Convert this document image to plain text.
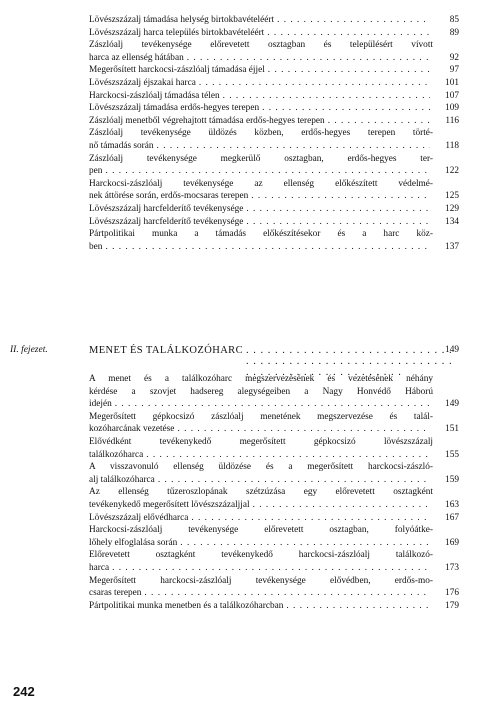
Lövészszázalj támadása helység birtokbavételéért . . .	85
Lövészszázalj harca település birtokbavételéért . . .	89
Zászlóalj tevékenysége előrevetett osztagban és településért vívott
harca az ellenség hátában . . .	92
Megerősített harckocsi-zászlóalj támadása éjjel . . .	97
Lövészszázalj éjszakai harca . . .	101
Harckocsi-zászlóalj támadása télen . . .	107
Lövészszázalj támadása erdős-hegyes terepen . . .	109
Zászlóalj menetből végrehajtott támadása erdős-hegyes terepen . . .	116
Zászlóalj tevékenysége üldözés közben, erdős-hegyes terepen törté-
nő támadás során . . .	118
Zászlóalj tevékenysége megkerülő osztagban, erdős-hegyes ter-
pen . . .	122
Harckocsi-zászlóalj tevékenysége az ellenség előkészített védelmé-
nek áttörése során, erdős-mocsaras terepen . . .	125
Lövészszázalj harcfelderítő tevékenysége . . .	129
Lövészszázalj harcfelderítő tevékenysége . . .	134
Pártpolitikai munka a támadás előkészítésekor és a harc köz-
ben . . .	137
II. fejezet.	MENET ÉS TALÁLKOZÓHARC . . .	149
A menet és a találkozóharc megszervezésének és vezetésének néhány
kérdése a szovjet hadsereg alegységeiben a Nagy Honvédő Háború
idején . . .	149
Megerősített gépkocsizó zászlóalj menetének megszervezése és talál-
kozóharcának vezetése . . .	151
Elővédként tevékenykedő megerősített gépkocsizó lövészszázalj
találkozóharca . . .	155
A visszavonuló ellenség üldözése és a megerősített harckocsi-zászló-
alj találkozóharca . . .	159
Az ellenség tűzeroszlopának szétzúzása egy előrevetett osztagként
tevékenykedő megerősített lövészszázaljjal . . .	163
Lövészszázalj elővédharca . . .	167
Harckocsi-zászlóalj tevékenysége előrevetett osztagban, folyóátke-
lőhely elfoglalása során . . .	169
Előrevetett osztagként tevékenykedő harckocsi-zászlóalj találkozó-
harca . . .	173
Megerősített harckocsi-zászlóalj tevékenysége elővédben, erdős-mo-
csaras terepen . . .	176
Pártpolitikai munka menetben és a találkozóharcban . . .	179
242
